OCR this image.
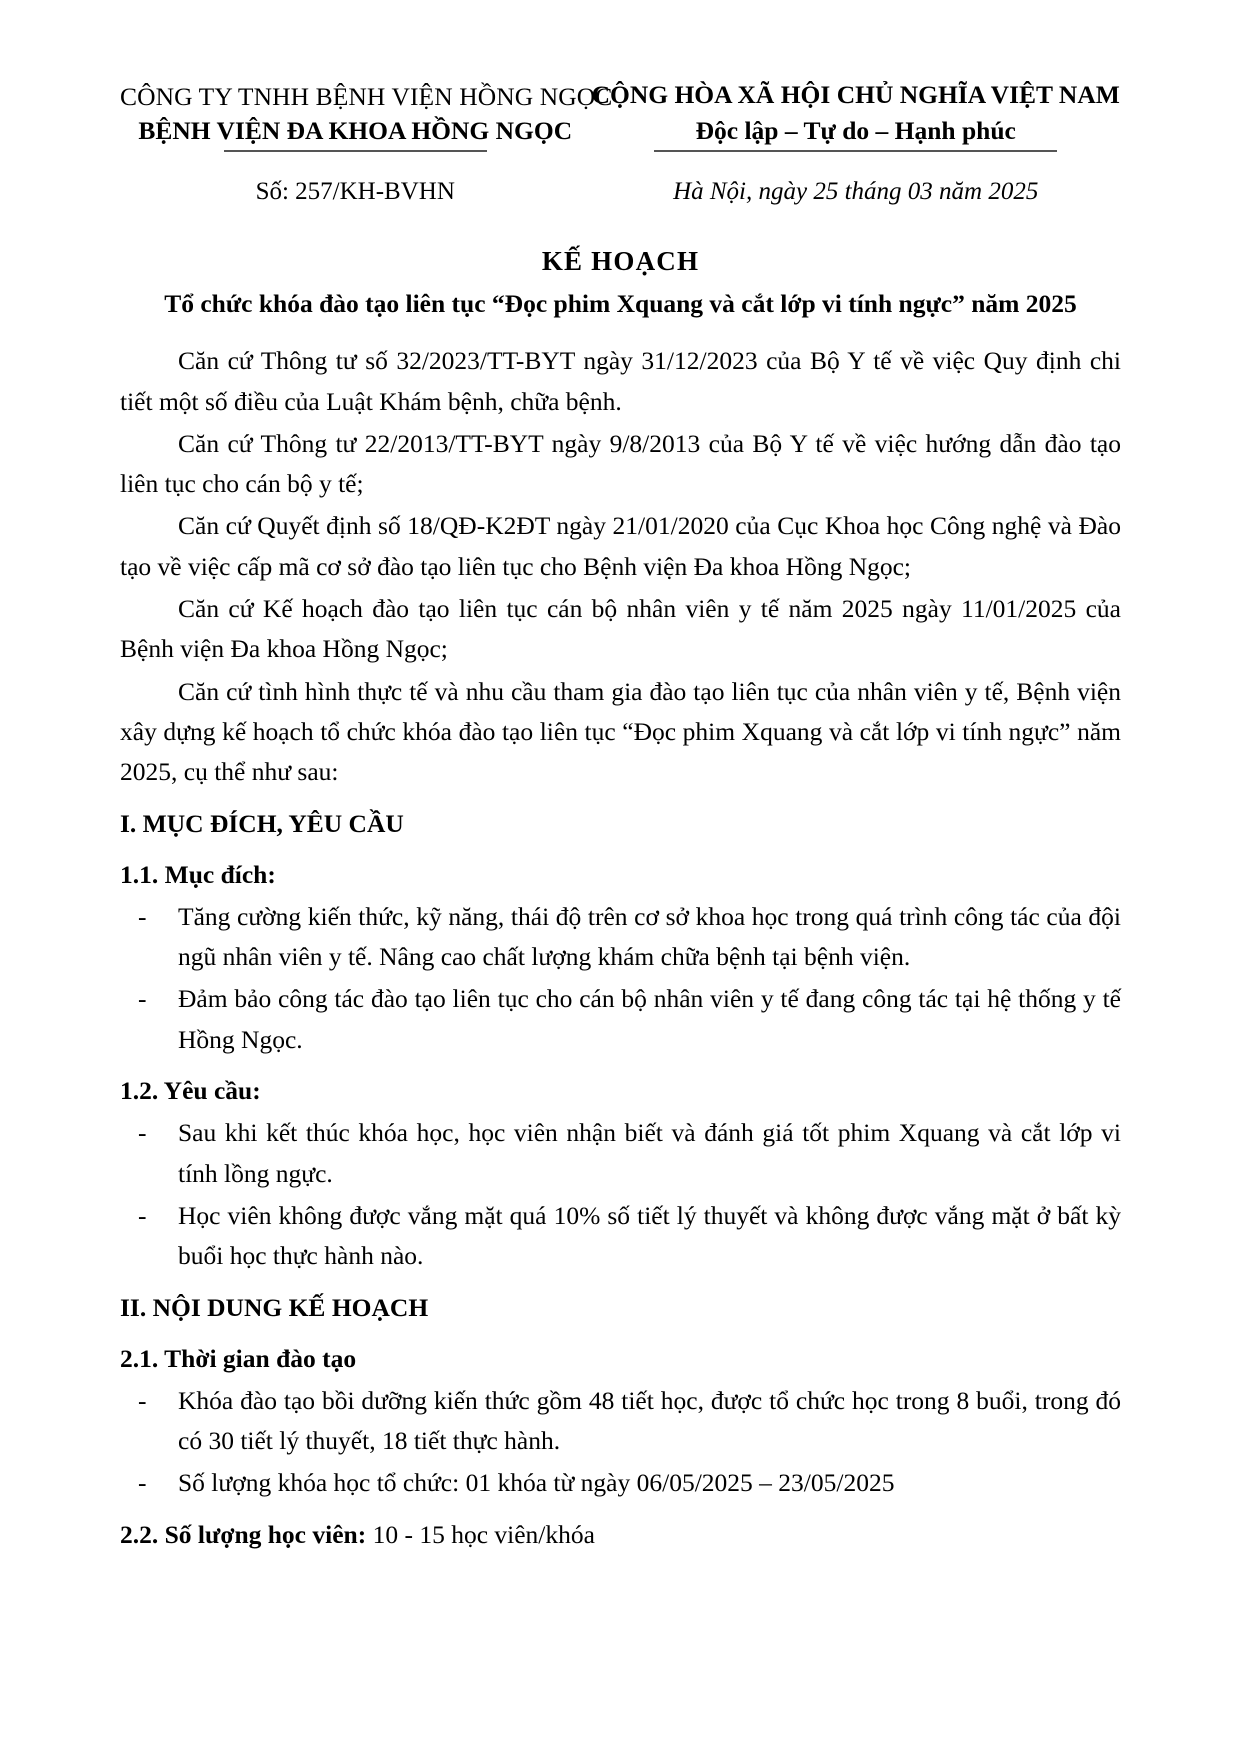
CÔNG TY TNHH BỆNH VIỆN HỒNG NGỌC
BỆNH VIỆN ĐA KHOA HỒNG NGỌC
CỘNG HÒA XÃ HỘI CHỦ NGHĨA VIỆT NAM
Độc lập – Tự do – Hạnh phúc
Số: 257/KH-BVHN	Hà Nội, ngày 25 tháng 03 năm 2025
KẾ HOẠCH
Tổ chức khóa đào tạo liên tục “Đọc phim Xquang và cắt lớp vi tính ngực” năm 2025

Căn cứ Thông tư số 32/2023/TT-BYT ngày 31/12/2023 của Bộ Y tế về việc Quy định chi tiết một số điều của Luật Khám bệnh, chữa bệnh.

Căn cứ Thông tư 22/2013/TT-BYT ngày 9/8/2013 của Bộ Y tế về việc hướng dẫn đào tạo liên tục cho cán bộ y tế;

Căn cứ Quyết định số 18/QĐ-K2ĐT ngày 21/01/2020 của Cục Khoa học Công nghệ và Đào tạo về việc cấp mã cơ sở đào tạo liên tục cho Bệnh viện Đa khoa Hồng Ngọc;

Căn cứ Kế hoạch đào tạo liên tục cán bộ nhân viên y tế năm 2025 ngày 11/01/2025 của Bệnh viện Đa khoa Hồng Ngọc;

Căn cứ tình hình thực tế và nhu cầu tham gia đào tạo liên tục của nhân viên y tế, Bệnh viện xây dựng kế hoạch tổ chức khóa đào tạo liên tục “Đọc phim Xquang và cắt lớp vi tính ngực” năm 2025, cụ thể như sau:

I. MỤC ĐÍCH, YÊU CẦU
1.1. Mục đích:
- Tăng cường kiến thức, kỹ năng, thái độ trên cơ sở khoa học trong quá trình công tác của đội ngũ nhân viên y tế. Nâng cao chất lượng khám chữa bệnh tại bệnh viện.
- Đảm bảo công tác đào tạo liên tục cho cán bộ nhân viên y tế đang công tác tại hệ thống y tế Hồng Ngọc.
1.2. Yêu cầu:
- Sau khi kết thúc khóa học, học viên nhận biết và đánh giá tốt phim Xquang và cắt lớp vi tính lồng ngực.
- Học viên không được vắng mặt quá 10% số tiết lý thuyết và không được vắng mặt ở bất kỳ buổi học thực hành nào.
II. NỘI DUNG KẾ HOẠCH
2.1. Thời gian đào tạo
- Khóa đào tạo bồi dưỡng kiến thức gồm 48 tiết học, được tổ chức học trong 8 buổi, trong đó có 30 tiết lý thuyết, 18 tiết thực hành.
- Số lượng khóa học tổ chức: 01 khóa từ ngày 06/05/2025 – 23/05/2025
2.2. Số lượng học viên: 10 - 15 học viên/khóa
